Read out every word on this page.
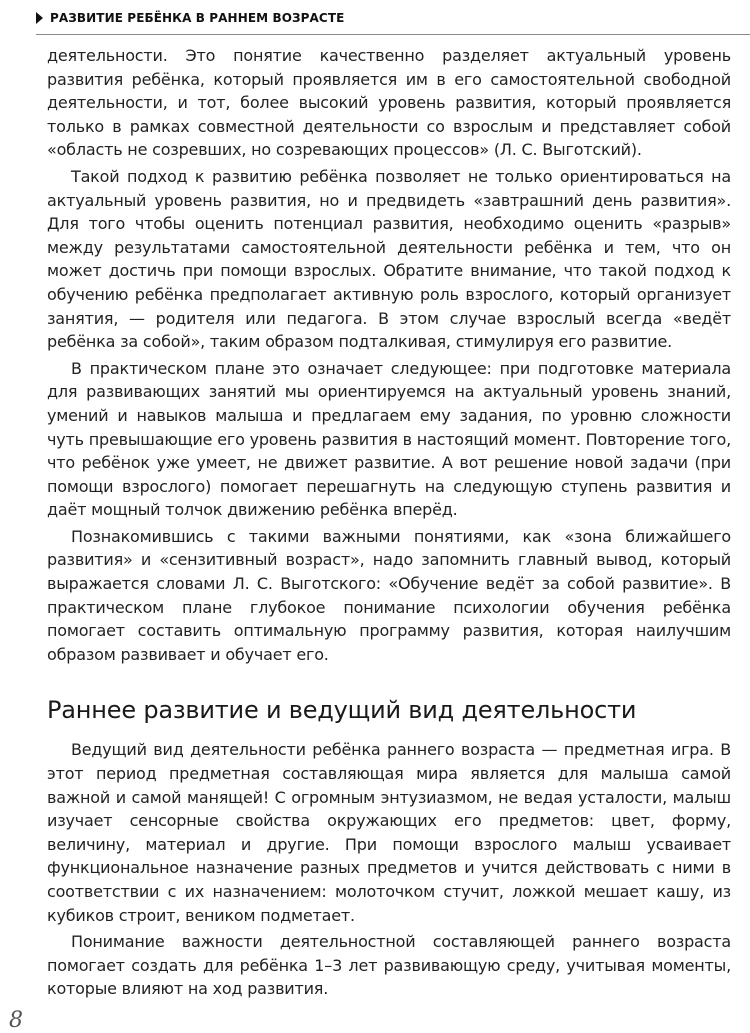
РАЗВИТИЕ РЕБЁНКА В РАННЕМ ВОЗРАСТЕ

деятельности. Это понятие качественно разделяет актуальный уровень развития ребёнка, который проявляется им в его самостоятельной свободной деятельности, и тот, более высокий уровень развития, который проявляется только в рамках совместной деятельности со взрослым и представляет собой «область не созревших, но созревающих процессов» (Л. С. Выготский).

Такой подход к развитию ребёнка позволяет не только ориентироваться на актуальный уровень развития, но и предвидеть «завтрашний день развития». Для того чтобы оценить потенциал развития, необходимо оценить «разрыв» между результатами самостоятельной деятельности ребёнка и тем, что он может достичь при помощи взрослых. Обратите внимание, что такой подход к обучению ребёнка предполагает активную роль взрослого, который организует занятия, — родителя или педагога. В этом случае взрослый всегда «ведёт ребёнка за собой», таким образом подталкивая, стимулируя его развитие.

В практическом плане это означает следующее: при подготовке материала для развивающих занятий мы ориентируемся на актуальный уровень знаний, умений и навыков малыша и предлагаем ему задания, по уровню сложности чуть превышающие его уровень развития в настоящий момент. Повторение того, что ребёнок уже умеет, не движет развитие. А вот решение новой задачи (при помощи взрослого) помогает перешагнуть на следующую ступень развития и даёт мощный толчок движению ребёнка вперёд.

Познакомившись с такими важными понятиями, как «зона ближайшего развития» и «сензитивный возраст», надо запомнить главный вывод, который выражается словами Л. С. Выготского: «Обучение ведёт за собой развитие». В практическом плане глубокое понимание психологии обучения ребёнка помогает составить оптимальную программу развития, которая наилучшим образом развивает и обучает его.

Раннее развитие и ведущий вид деятельности

Ведущий вид деятельности ребёнка раннего возраста — предметная игра. В этот период предметная составляющая мира является для малыша самой важной и самой манящей! С огромным энтузиазмом, не ведая усталости, малыш изучает сенсорные свойства окружающих его предметов: цвет, форму, величину, материал и другие. При помощи взрослого малыш усваивает функциональное назначение разных предметов и учится действовать с ними в соответствии с их назначением: молоточком стучит, ложкой мешает кашу, из кубиков строит, веником подметает.

Понимание важности деятельностной составляющей раннего возраста помогает создать для ребёнка 1–3 лет развивающую среду, учитывая моменты, которые влияют на ход развития.

8
